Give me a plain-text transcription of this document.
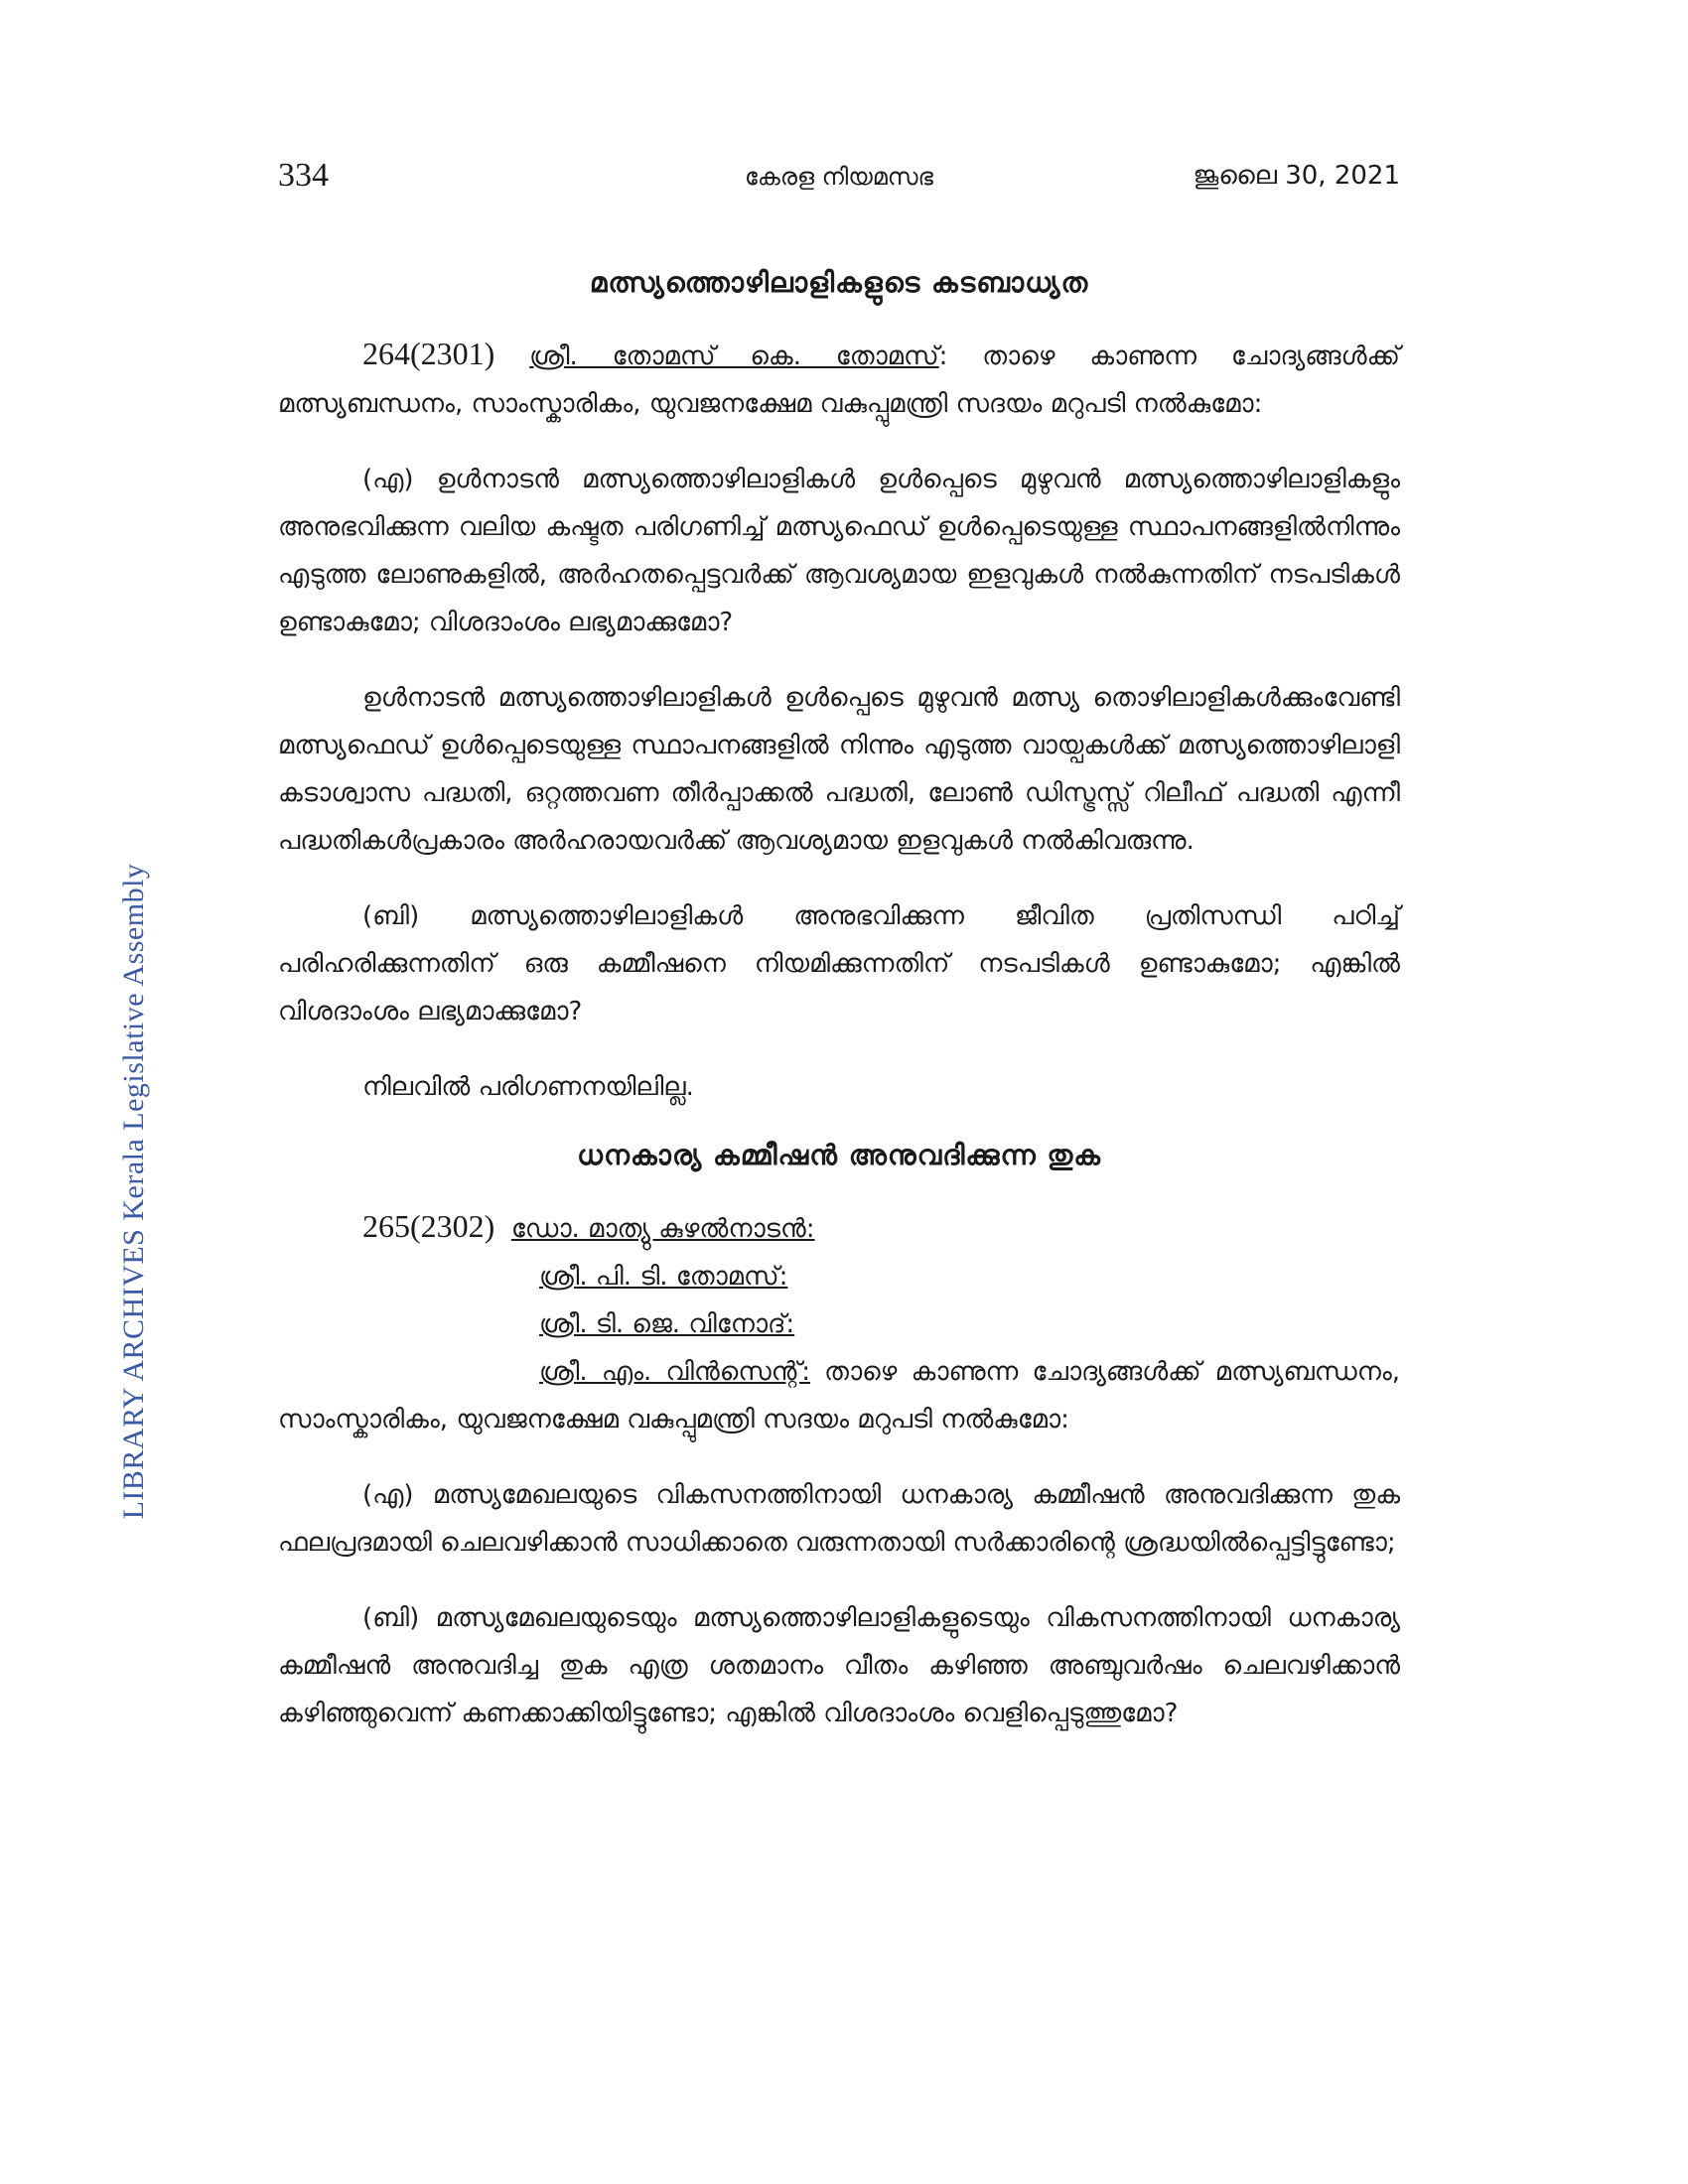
334	കേരള നിയമസഭ	ജൂലൈ 30, 2021
LIBRARY ARCHIVES Kerala Legislative Assembly
മത്സ്യത്തൊഴിലാളികളുടെ കടബാധ്യത

264(2301) ശ്രീ. തോമസ് കെ. തോമസ്: താഴെ കാണുന്ന ചോദ്യങ്ങൾക്ക് മത്സ്യബന്ധനം, സാംസ്കാരികം, യുവജനക്ഷേമ വകുപ്പുമന്ത്രി സദയം മറുപടി നൽകുമോ:

(എ) ഉൾനാടൻ മത്സ്യത്തൊഴിലാളികൾ ഉൾപ്പെടെ മുഴുവൻ മത്സ്യത്തൊഴിലാളികളും അനുഭവിക്കുന്ന വലിയ കഷ്ടത പരിഗണിച്ച് മത്സ്യഫെഡ് ഉൾപ്പെടെയുള്ള സ്ഥാപനങ്ങളിൽനിന്നും എടുത്ത ലോണുകളിൽ, അർഹതപ്പെട്ടവർക്ക് ആവശ്യമായ ഇളവുകൾ നൽകുന്നതിന് നടപടികൾ ഉണ്ടാകുമോ; വിശദാംശം ലഭ്യമാക്കുമോ?

ഉൾനാടൻ മത്സ്യത്തൊഴിലാളികൾ ഉൾപ്പെടെ മുഴുവൻ മത്സ്യ തൊഴിലാളികൾക്കുംവേണ്ടി മത്സ്യഫെഡ് ഉൾപ്പെടെയുള്ള സ്ഥാപനങ്ങളിൽ നിന്നും എടുത്ത വായ്പകൾക്ക് മത്സ്യത്തൊഴിലാളി കടാശ്വാസ പദ്ധതി, ഒറ്റത്തവണ തീർപ്പാക്കൽ പദ്ധതി, ലോൺ ഡിസ്ട്രസ്സ് റിലീഫ് പദ്ധതി എന്നീ പദ്ധതികൾപ്രകാരം അർഹരായവർക്ക് ആവശ്യമായ ഇളവുകൾ നൽകിവരുന്നു.

(ബി) മത്സ്യത്തൊഴിലാളികൾ അനുഭവിക്കുന്ന ജീവിത പ്രതിസന്ധി പഠിച്ച് പരിഹരിക്കുന്നതിന് ഒരു കമ്മീഷനെ നിയമിക്കുന്നതിന് നടപടികൾ ഉണ്ടാകുമോ; എങ്കിൽ വിശദാംശം ലഭ്യമാക്കുമോ?

നിലവിൽ പരിഗണനയിലില്ല.

ധനകാര്യ കമ്മീഷൻ അനുവദിക്കുന്ന തുക
265(2302) ഡോ. മാത്യു കുഴൽനാടൻ:
ശ്രീ. പി. ടി. തോമസ്:
ശ്രീ. ടി. ജെ. വിനോദ്:

ശ്രീ. എം. വിൻസെന്റ്: താഴെ കാണുന്ന ചോദ്യങ്ങൾക്ക് മത്സ്യബന്ധനം, സാംസ്കാരികം, യുവജനക്ഷേമ വകുപ്പുമന്ത്രി സദയം മറുപടി നൽകുമോ:

(എ) മത്സ്യമേഖലയുടെ വികസനത്തിനായി ധനകാര്യ കമ്മീഷൻ അനുവദിക്കുന്ന തുക ഫലപ്രദമായി ചെലവഴിക്കാൻ സാധിക്കാതെ വരുന്നതായി സർക്കാരിന്റെ ശ്രദ്ധയിൽപ്പെട്ടിട്ടുണ്ടോ;

(ബി) മത്സ്യമേഖലയുടെയും മത്സ്യത്തൊഴിലാളികളുടെയും വികസനത്തിനായി ധനകാര്യ കമ്മീഷൻ അനുവദിച്ച തുക എത്ര ശതമാനം വീതം കഴിഞ്ഞ അഞ്ചുവർഷം ചെലവഴിക്കാൻ കഴിഞ്ഞുവെന്ന് കണക്കാക്കിയിട്ടുണ്ടോ; എങ്കിൽ വിശദാംശം വെളിപ്പെടുത്തുമോ?
